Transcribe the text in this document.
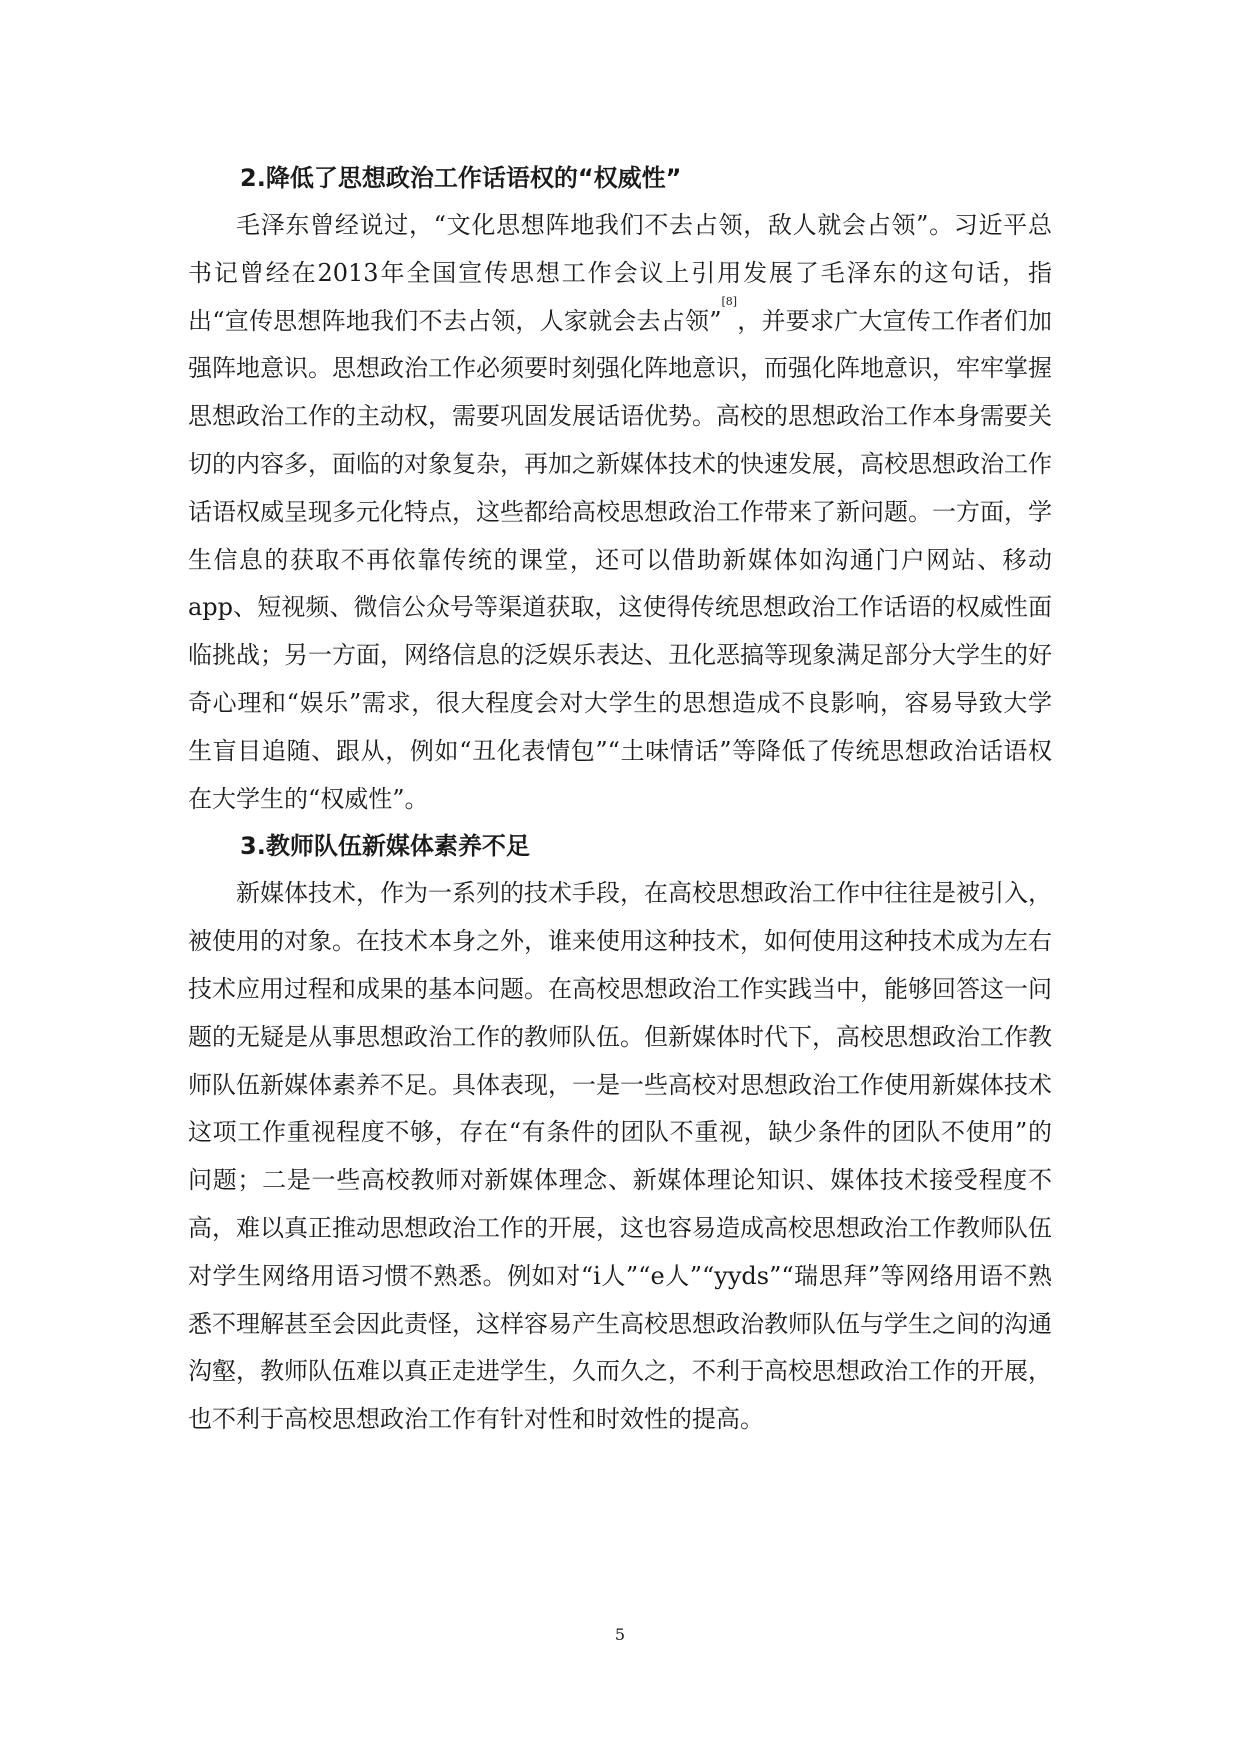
2.降低了思想政治工作话语权的“权威性”

毛泽东曾经说过，“文化思想阵地我们不去占领，敌人就会占领”。习近平总书记曾经在2013年全国宣传思想工作会议上引用发展了毛泽东的这句话，指出“宣传思想阵地我们不去占领，人家就会去占领”[8]，并要求广大宣传工作者们加强阵地意识。思想政治工作必须要时刻强化阵地意识，而强化阵地意识，牢牢掌握思想政治工作的主动权，需要巩固发展话语优势。高校的思想政治工作本身需要关切的内容多，面临的对象复杂，再加之新媒体技术的快速发展，高校思想政治工作话语权威呈现多元化特点，这些都给高校思想政治工作带来了新问题。一方面，学生信息的获取不再依靠传统的课堂，还可以借助新媒体如沟通门户网站、移动app、短视频、微信公众号等渠道获取，这使得传统思想政治工作话语的权威性面临挑战；另一方面，网络信息的泛娱乐表达、丑化恶搞等现象满足部分大学生的好奇心理和“娱乐”需求，很大程度会对大学生的思想造成不良影响，容易导致大学生盲目追随、跟从，例如“丑化表情包”“土味情话”等降低了传统思想政治话语权在大学生的“权威性”。

3.教师队伍新媒体素养不足

新媒体技术，作为一系列的技术手段，在高校思想政治工作中往往是被引入，被使用的对象。在技术本身之外，谁来使用这种技术，如何使用这种技术成为左右技术应用过程和成果的基本问题。在高校思想政治工作实践当中，能够回答这一问题的无疑是从事思想政治工作的教师队伍。但新媒体时代下，高校思想政治工作教师队伍新媒体素养不足。具体表现，一是一些高校对思想政治工作使用新媒体技术这项工作重视程度不够，存在“有条件的团队不重视，缺少条件的团队不使用”的问题；二是一些高校教师对新媒体理念、新媒体理论知识、媒体技术接受程度不高，难以真正推动思想政治工作的开展，这也容易造成高校思想政治工作教师队伍对学生网络用语习惯不熟悉。例如对“i人”“e人”“yyds”“瑞思拜”等网络用语不熟悉不理解甚至会因此责怪，这样容易产生高校思想政治教师队伍与学生之间的沟通沟壑，教师队伍难以真正走进学生，久而久之，不利于高校思想政治工作的开展，也不利于高校思想政治工作有针对性和时效性的提高。

5
